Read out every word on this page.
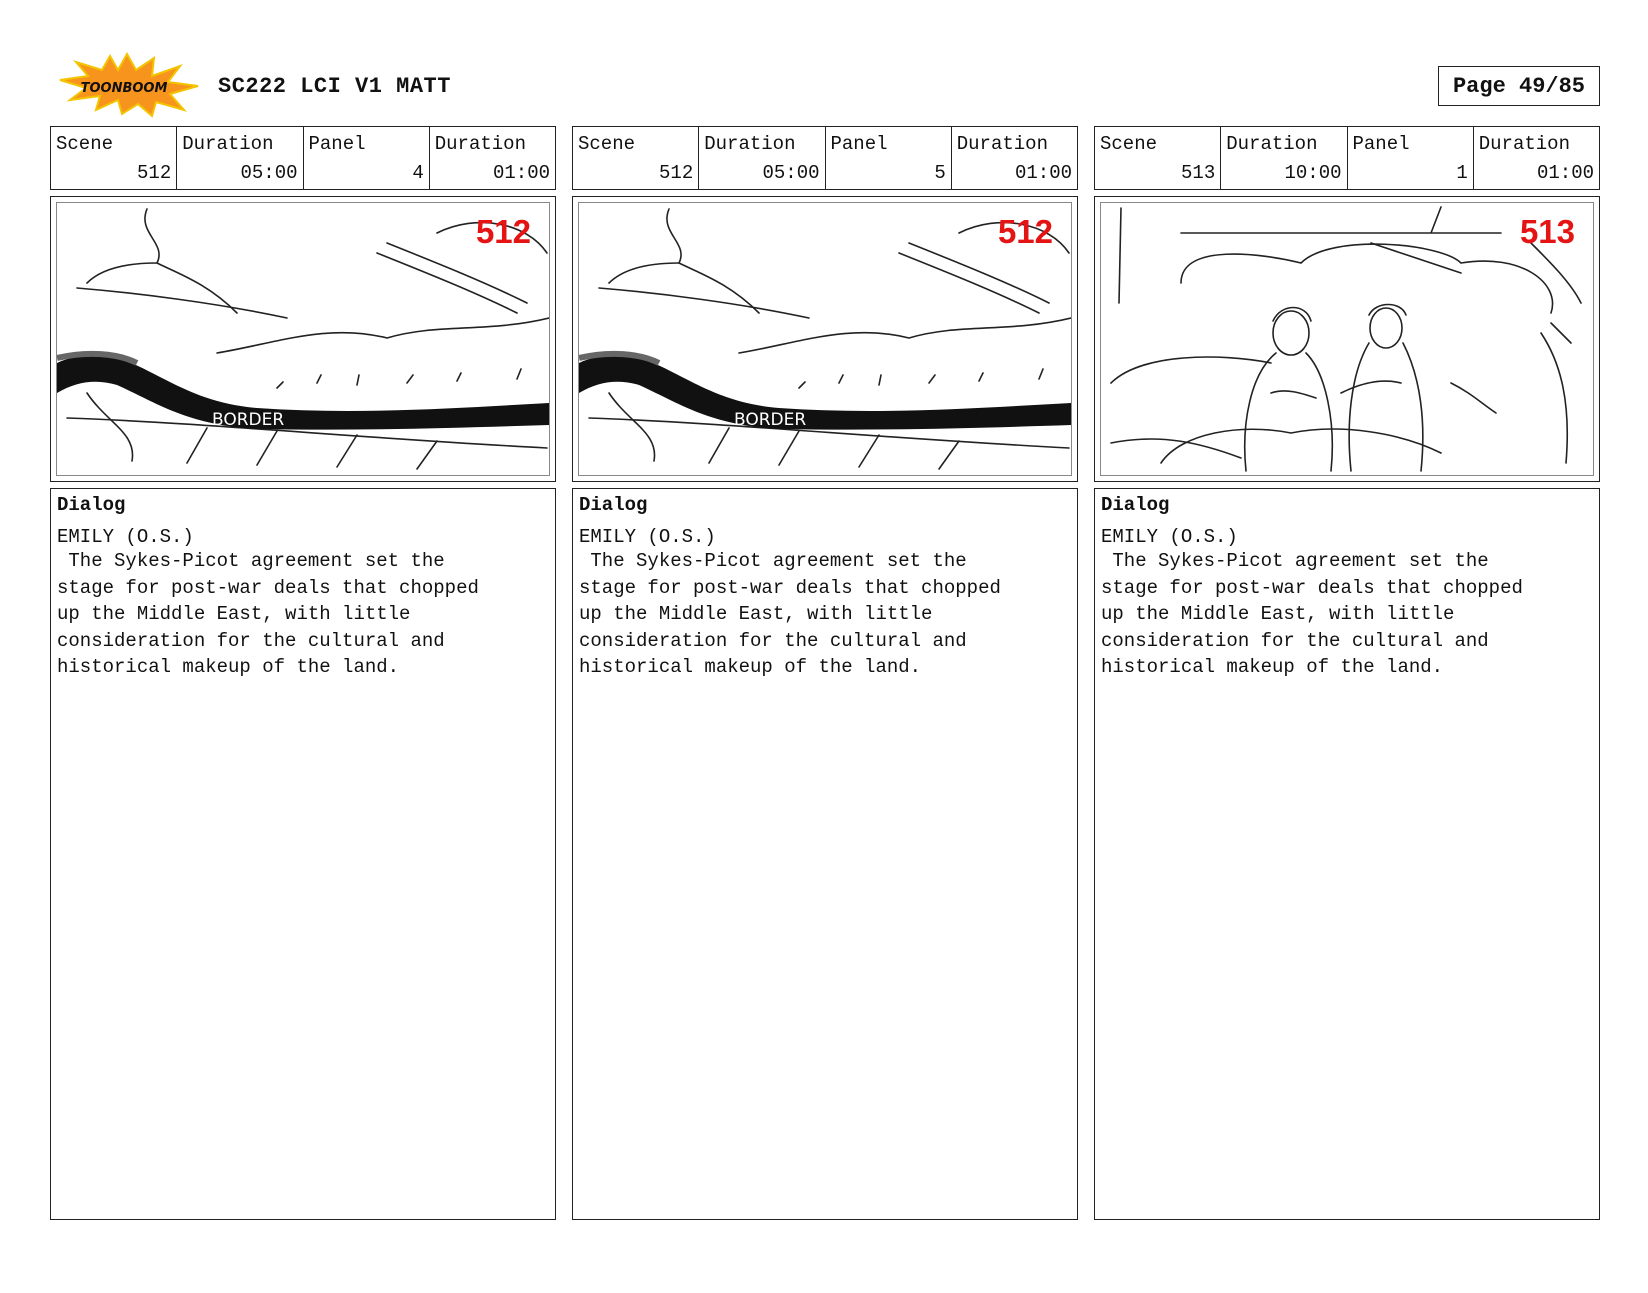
TOONBOOM SC222 LCI V1 MATT	Page 49/85
Scene
512
Duration
05:00
Panel
4
Duration
01:00
BORDER
512
Dialog
EMILY (O.S.)
The Sykes-Picot agreement set the
stage for post-war deals that chopped
up the Middle East, with little
consideration for the cultural and
historical makeup of the land.
Scene
512
Duration
05:00
Panel
5
Duration
01:00
BORDER
512
Dialog
EMILY (O.S.)
The Sykes-Picot agreement set the
stage for post-war deals that chopped
up the Middle East, with little
consideration for the cultural and
historical makeup of the land.
Scene
513
Duration
10:00
Panel
1
Duration
01:00
513
Dialog
EMILY (O.S.)
The Sykes-Picot agreement set the
stage for post-war deals that chopped
up the Middle East, with little
consideration for the cultural and
historical makeup of the land.
